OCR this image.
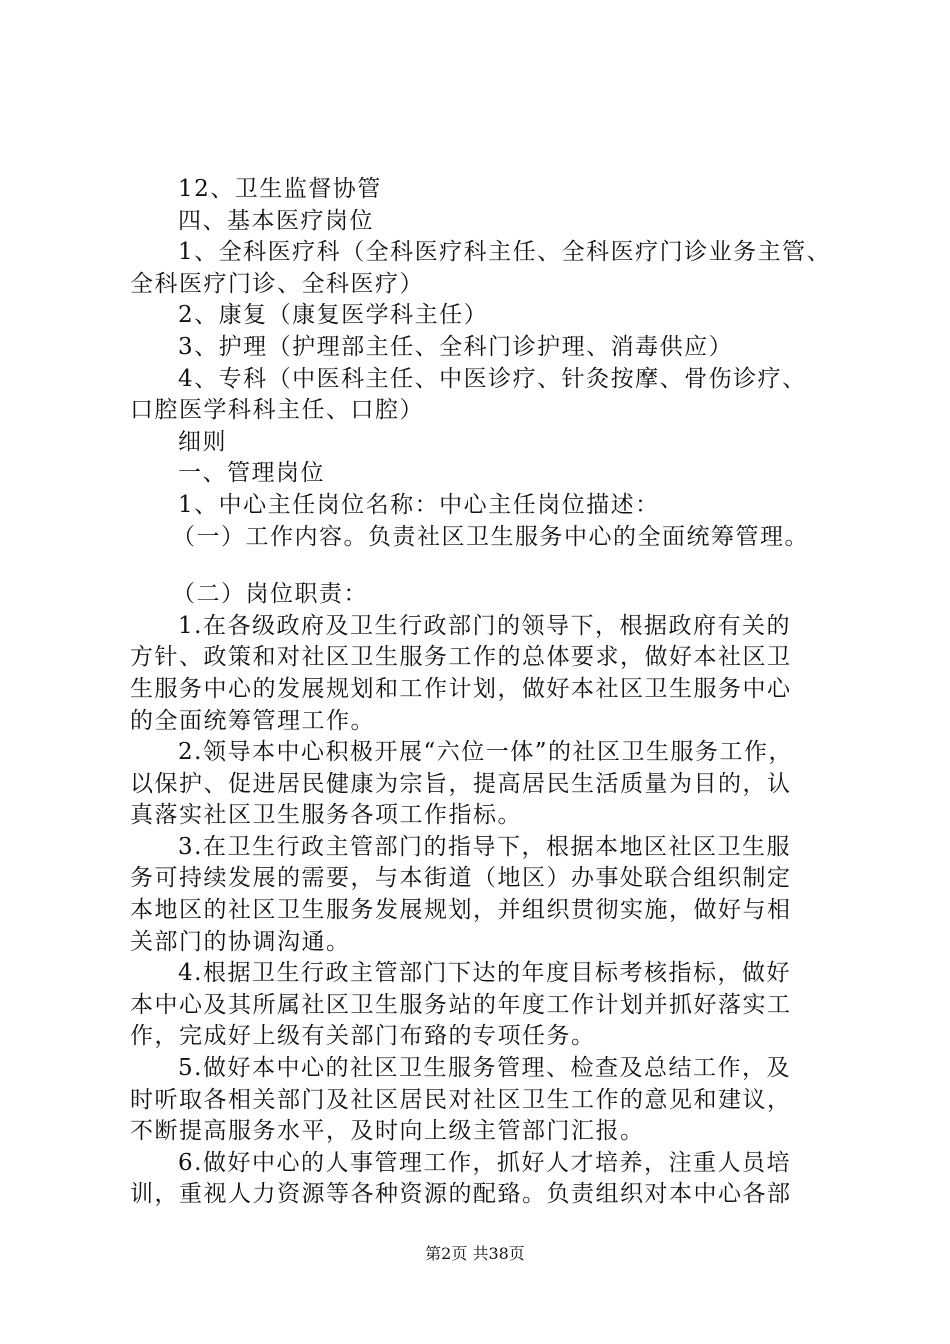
12、卫生监督协管
四、基本医疗岗位
1、全科医疗科（全科医疗科主任、全科医疗门诊业务主管、
全科医疗门诊、全科医疗）
2、康复（康复医学科主任）
3、护理（护理部主任、全科门诊护理、消毒供应）
4、专科（中医科主任、中医诊疗、针灸按摩、骨伤诊疗、
口腔医学科科主任、口腔）
细则
一、管理岗位
1、中心主任岗位名称：中心主任岗位描述：
（一）工作内容。负责社区卫生服务中心的全面统筹管理。
（二）岗位职责：
1.在各级政府及卫生行政部门的领导下，根据政府有关的
方针、政策和对社区卫生服务工作的总体要求，做好本社区卫
生服务中心的发展规划和工作计划，做好本社区卫生服务中心
的全面统筹管理工作。
2.领导本中心积极开展“六位一体”的社区卫生服务工作，
以保护、促进居民健康为宗旨，提高居民生活质量为目的，认
真落实社区卫生服务各项工作指标。
3.在卫生行政主管部门的指导下，根据本地区社区卫生服
务可持续发展的需要，与本街道（地区）办事处联合组织制定
本地区的社区卫生服务发展规划，并组织贯彻实施，做好与相
关部门的协调沟通。
4.根据卫生行政主管部门下达的年度目标考核指标，做好
本中心及其所属社区卫生服务站的年度工作计划并抓好落实工
作，完成好上级有关部门布臵的专项任务。
5.做好本中心的社区卫生服务管理、检查及总结工作，及
时听取各相关部门及社区居民对社区卫生工作的意见和建议，
不断提高服务水平，及时向上级主管部门汇报。
6.做好中心的人事管理工作，抓好人才培养，注重人员培
训，重视人力资源等各种资源的配臵。负责组织对本中心各部
第2页 共38页
